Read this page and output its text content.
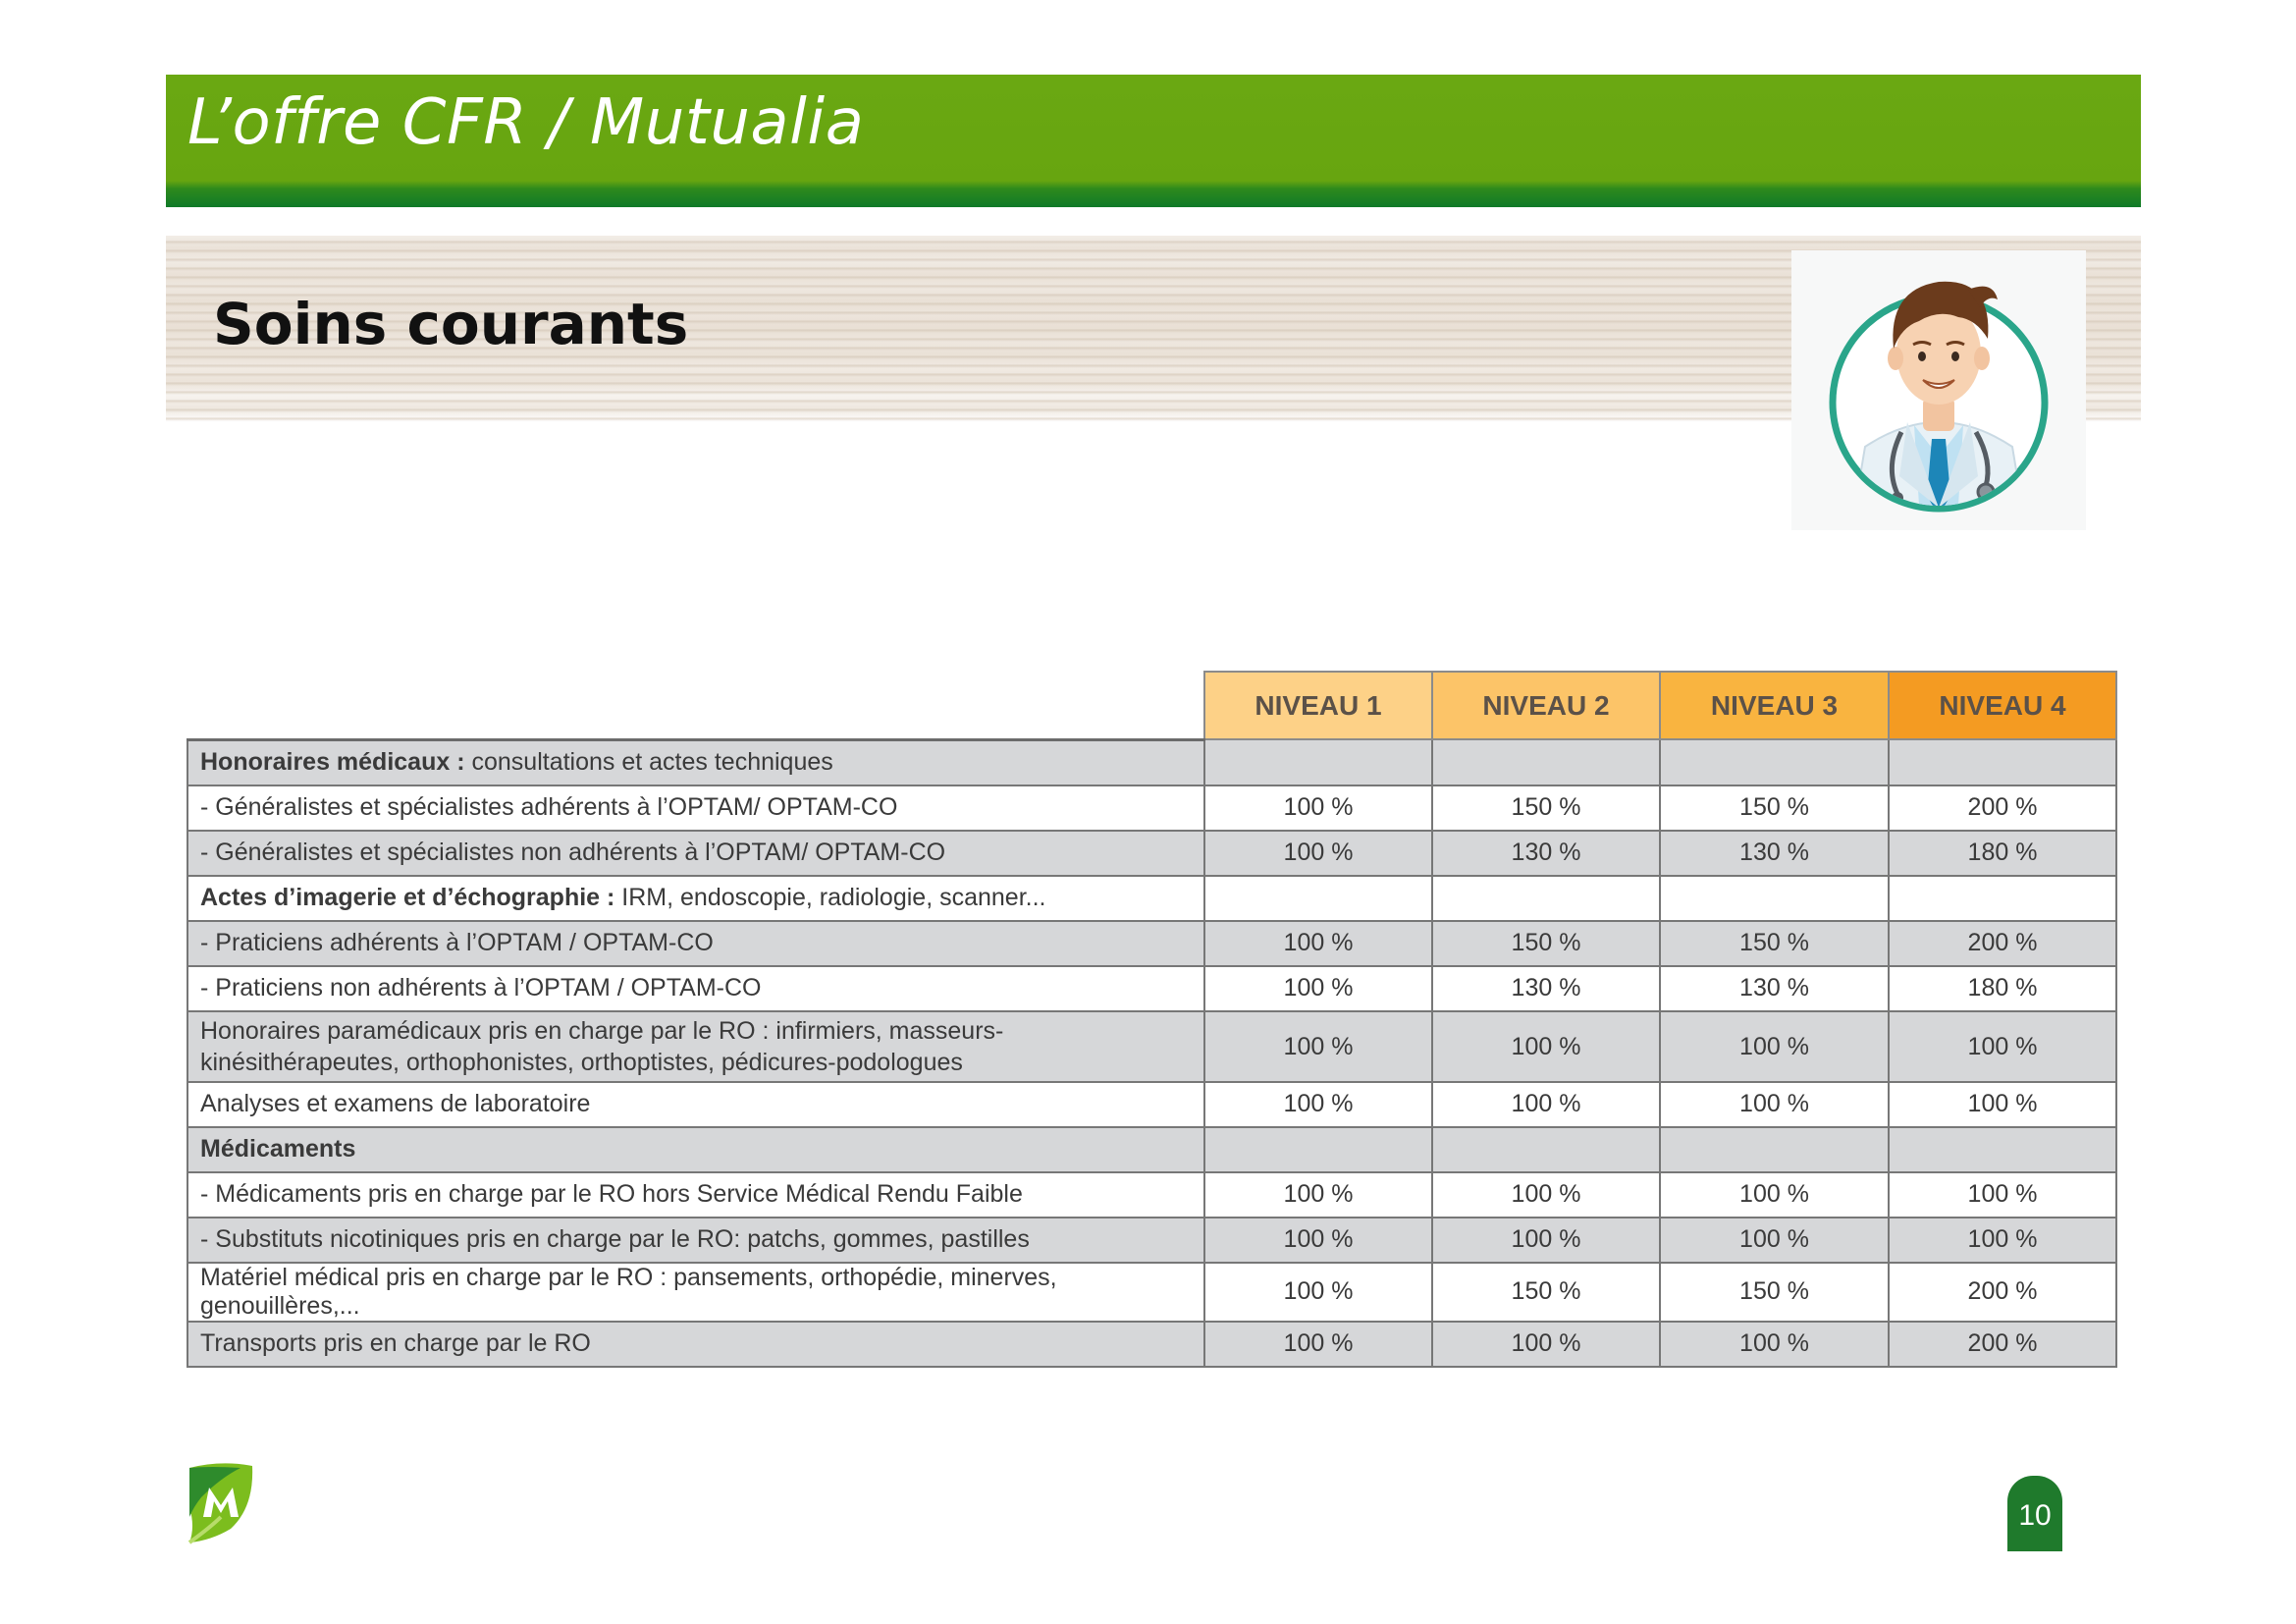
L’offre CFR / Mutualia
Soins courants
	NIVEAU 1	NIVEAU 2	NIVEAU 3	NIVEAU 4
Honoraires médicaux : consultations et actes techniques				
- Généralistes et spécialistes adhérents à l’OPTAM/ OPTAM-CO	100 %	150 %	150 %	200 %
- Généralistes et spécialistes non adhérents à l’OPTAM/ OPTAM-CO	100 %	130 %	130 %	180 %
Actes d’imagerie et d’échographie : IRM, endoscopie, radiologie, scanner...				
- Praticiens adhérents à l’OPTAM / OPTAM-CO	100 %	150 %	150 %	200 %
- Praticiens non adhérents à l’OPTAM / OPTAM-CO	100 %	130 %	130 %	180 %
Honoraires paramédicaux pris en charge par le RO : infirmiers, masseurs-kinésithérapeutes, orthophonistes, orthoptistes, pédicures-podologues	100 %	100 %	100 %	100 %
Analyses et examens de laboratoire	100 %	100 %	100 %	100 %
Médicaments				
- Médicaments pris en charge par le RO hors Service Médical Rendu Faible	100 %	100 %	100 %	100 %
- Substituts nicotiniques pris en charge par le RO: patchs, gommes, pastilles	100 %	100 %	100 %	100 %
Matériel médical pris en charge par le RO : pansements, orthopédie, minerves, genouillères,...	100 %	150 %	150 %	200 %
Transports pris en charge par le RO	100 %	100 %	100 %	200 %
10
